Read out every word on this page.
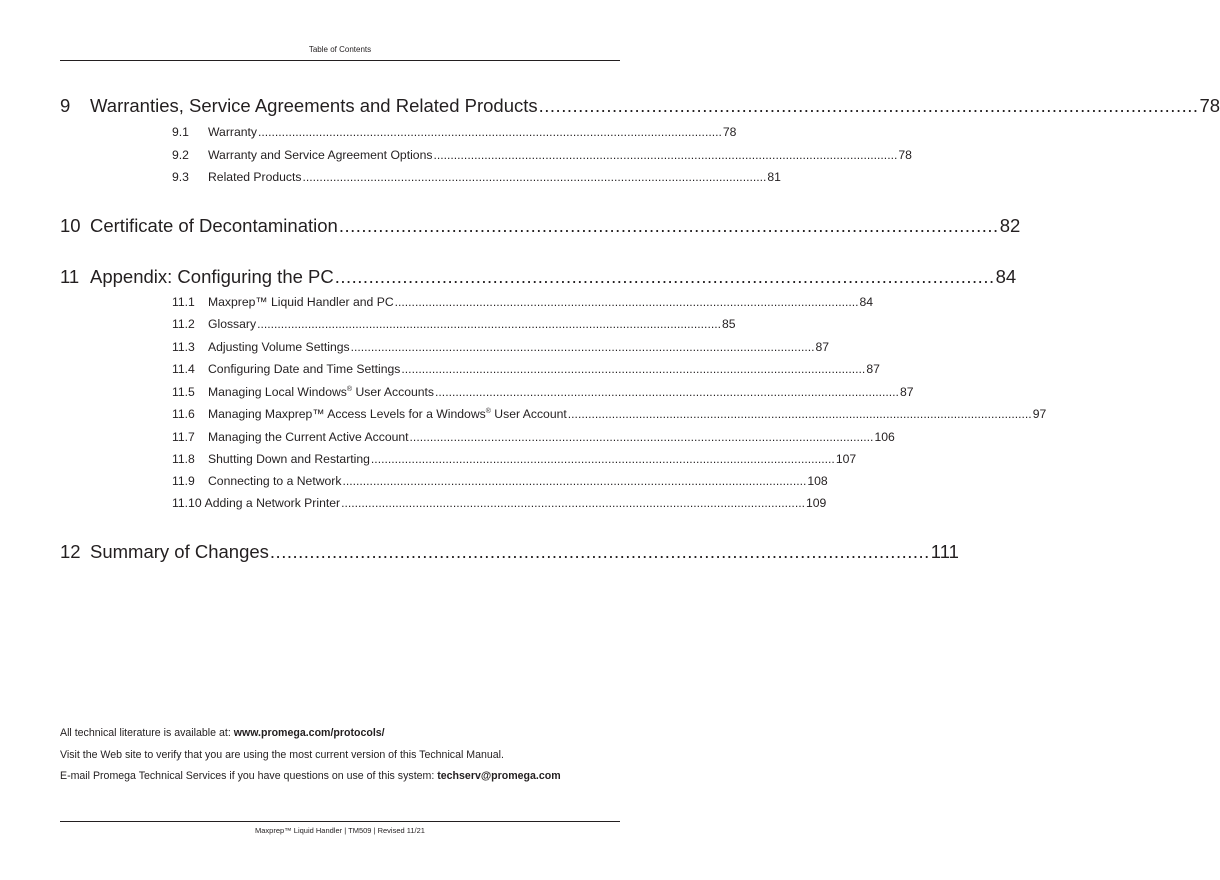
Table of Contents
9	Warranties, Service Agreements and Related Products ..................................................................................................................... 78
9.1	Warranty ......................................................................................................................................... 78
9.2	Warranty and Service Agreement Options ......................................................................................................................................... 78
9.3	Related Products ......................................................................................................................................... 81
10 Certificate of Decontamination ..................................................................................................................... 82
11 Appendix: Configuring the PC ..................................................................................................................... 84
11.1	Maxprep™ Liquid Handler and PC ......................................................................................................................................... 84
11.2	Glossary ......................................................................................................................................... 85
11.3	Adjusting Volume Settings ......................................................................................................................................... 87
11.4	Configuring Date and Time Settings ......................................................................................................................................... 87
11.5	Managing Local Windows® User Accounts ......................................................................................................................................... 87
11.6	Managing Maxprep™ Access Levels for a Windows® User Account ......................................................................................................................................... 97
11.7	Managing the Current Active Account ......................................................................................................................................... 106
11.8	Shutting Down and Restarting ......................................................................................................................................... 107
11.9	Connecting to a Network ......................................................................................................................................... 108
11.10 Adding a Network Printer ......................................................................................................................................... 109
12 Summary of Changes ..................................................................................................................... 111
All technical literature is available at: www.promega.com/protocols/
Visit the Web site to verify that you are using the most current version of this Technical Manual.
E-mail Promega Technical Services if you have questions on use of this system: techserv@promega.com
Maxprep™ Liquid Handler | TM509 | Revised 11/21
